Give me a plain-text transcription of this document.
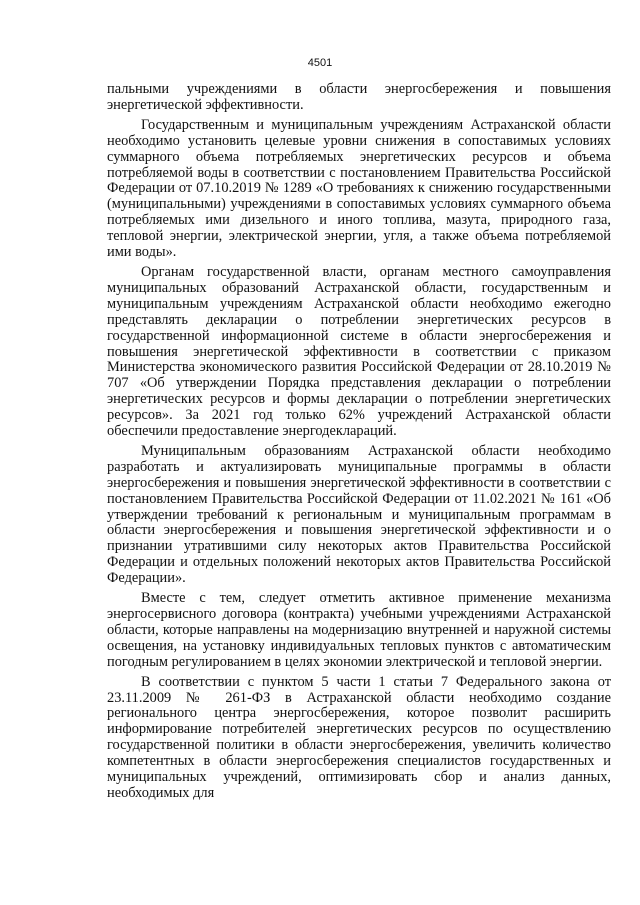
4501

пальными учреждениями в области энергосбережения и повышения энергетической эффективности.

Государственным и муниципальным учреждениям Астраханской области необходимо установить целевые уровни снижения в сопоставимых условиях суммарного объема потребляемых энергетических ресурсов и объема потребляемой воды в соответствии с постановлением Правительства Российской Федерации от 07.10.2019 № 1289 «О требованиях к снижению государственными (муниципальными) учреждениями в сопоставимых условиях суммарного объема потребляемых ими дизельного и иного топлива, мазута, природного газа, тепловой энергии, электрической энергии, угля, а также объема потребляемой ими воды».

Органам государственной власти, органам местного самоуправления муниципальных образований Астраханской области, государственным и муниципальным учреждениям Астраханской области необходимо ежегодно представлять декларации о потреблении энергетических ресурсов в государственной информационной системе в области энергосбережения и повышения энергетической эффективности в соответствии с приказом Министерства экономического развития Российской Федерации от 28.10.2019 № 707 «Об утверждении Порядка представления декларации о потреблении энергетических ресурсов и формы декларации о потреблении энергетических ресурсов». За 2021 год только 62% учреждений Астраханской области обеспечили предоставление энергодеклараций.

Муниципальным образованиям Астраханской области необходимо разработать и актуализировать муниципальные программы в области энергосбережения и повышения энергетической эффективности в соответствии с постановлением Правительства Российской Федерации от 11.02.2021 № 161 «Об утверждении требований к региональным и муниципальным программам в области энергосбережения и повышения энергетической эффективности и о признании утратившими силу некоторых актов Правительства Российской Федерации и отдельных положений некоторых актов Правительства Российской Федерации».

Вместе с тем, следует отметить активное применение механизма энергосервисного договора (контракта) учебными учреждениями Астраханской области, которые направлены на модернизацию внутренней и наружной системы освещения, на установку индивидуальных тепловых пунктов с автоматическим погодным регулированием в целях экономии электрической и тепловой энергии.

В соответствии с пунктом 5 части 1 статьи 7 Федерального закона от 23.11.2009 № 261-ФЗ в Астраханской области необходимо создание регионального центра энергосбережения, которое позволит расширить информирование потребителей энергетических ресурсов по осуществлению государственной политики в области энергосбережения, увеличить количество компетентных в области энергосбережения специалистов государственных и муниципальных учреждений, оптимизировать сбор и анализ данных, необходимых для
